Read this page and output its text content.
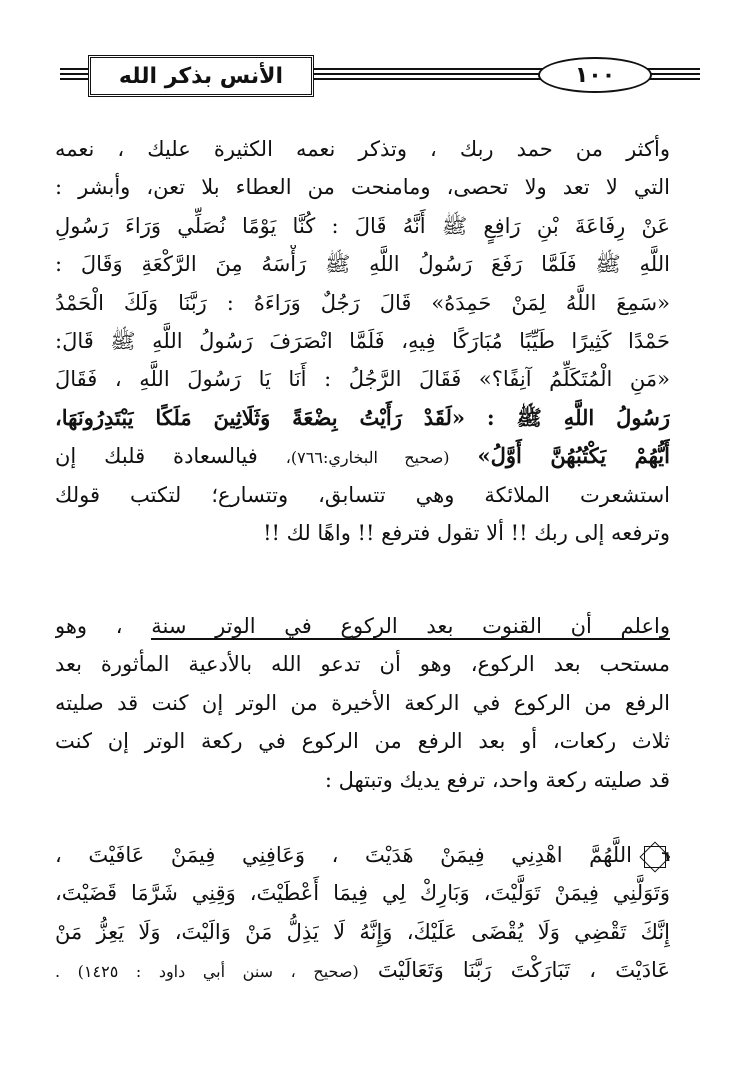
الأنس بذكر الله	١٠٠
وأكثر من حمد ربك ، وتذكر نعمه الكثيرة عليك ، نعمه
التي لا تعد ولا تحصى، ومامنحت من العطاء بلا تعن، وأبشر :
عَنْ رِفَاعَةَ بْنِ رَافِعٍ ﷺ أَنَّهُ قَالَ : كُنَّا يَوْمًا نُصَلِّي وَرَاءَ رَسُولِ
اللَّهِ ﷺ فَلَمَّا رَفَعَ رَسُولُ اللَّهِ ﷺ رَأْسَهُ مِنَ الرَّكْعَةِ وَقَالَ :
«سَمِعَ اللَّهُ لِمَنْ حَمِدَهُ» قَالَ رَجُلٌ وَرَاءَهُ : رَبَّنَا وَلَكَ الْحَمْدُ
حَمْدًا كَثِيرًا طَيِّبًا مُبَارَكًا فِيهِ، فَلَمَّا انْصَرَفَ رَسُولُ اللَّهِ ﷺ قَالَ:
«مَنِ الْمُتَكَلِّمُ آنِفًا؟» فَقَالَ الرَّجُلُ : أَنَا يَا رَسُولَ اللَّهِ ، فَقَالَ
رَسُولُ اللَّهِ ﷺ : «لَقَدْ رَأَيْتُ بِضْعَةً وَثَلَاثِينَ مَلَكًا يَبْتَدِرُونَهَا،
أَيُّهُمْ يَكْتُبُهُنَّ أَوَّلُ» (صحيح البخاري:٧٦٦)، فيالسعادة قلبك إن
استشعرت الملائكة وهي تتسابق، وتتسارع؛ لتكتب قولك
وترفعه إلى ربك !! ألا تقول فترفع !! واهًا لك !!
واعلم أن القنوت بعد الركوع في الوتر سنة ، وهو
مستحب بعد الركوع، وهو أن تدعو الله بالأدعية المأثورة بعد
الرفع من الركوع في الركعة الأخيرة من الوتر إن كنت قد صليته
ثلاث ركعات، أو بعد الرفع من الركوع في ركعة الوتر إن كنت
قد صليته ركعة واحد، ترفع يديك وتبتهل :
٦
اللَّهُمَّ اهْدِنِي فِيمَنْ هَدَيْتَ ، وَعَافِنِي فِيمَنْ عَافَيْتَ ،
وَتَوَلَّنِي فِيمَنْ تَوَلَّيْتَ، وَبَارِكْ لِي فِيمَا أَعْطَيْتَ، وَقِنِي شَرَّمَا قَضَيْتَ،
إِنَّكَ تَقْضِي وَلَا يُقْضَى عَلَيْكَ، وَإِنَّهُ لَا يَذِلُّ مَنْ وَالَيْتَ، وَلَا يَعِزُّ مَنْ
عَادَيْتَ ، تَبَارَكْتَ رَبَّنَا وَتَعَالَيْتَ (صحيح ، سنن أبي داود : ١٤٢٥) .
